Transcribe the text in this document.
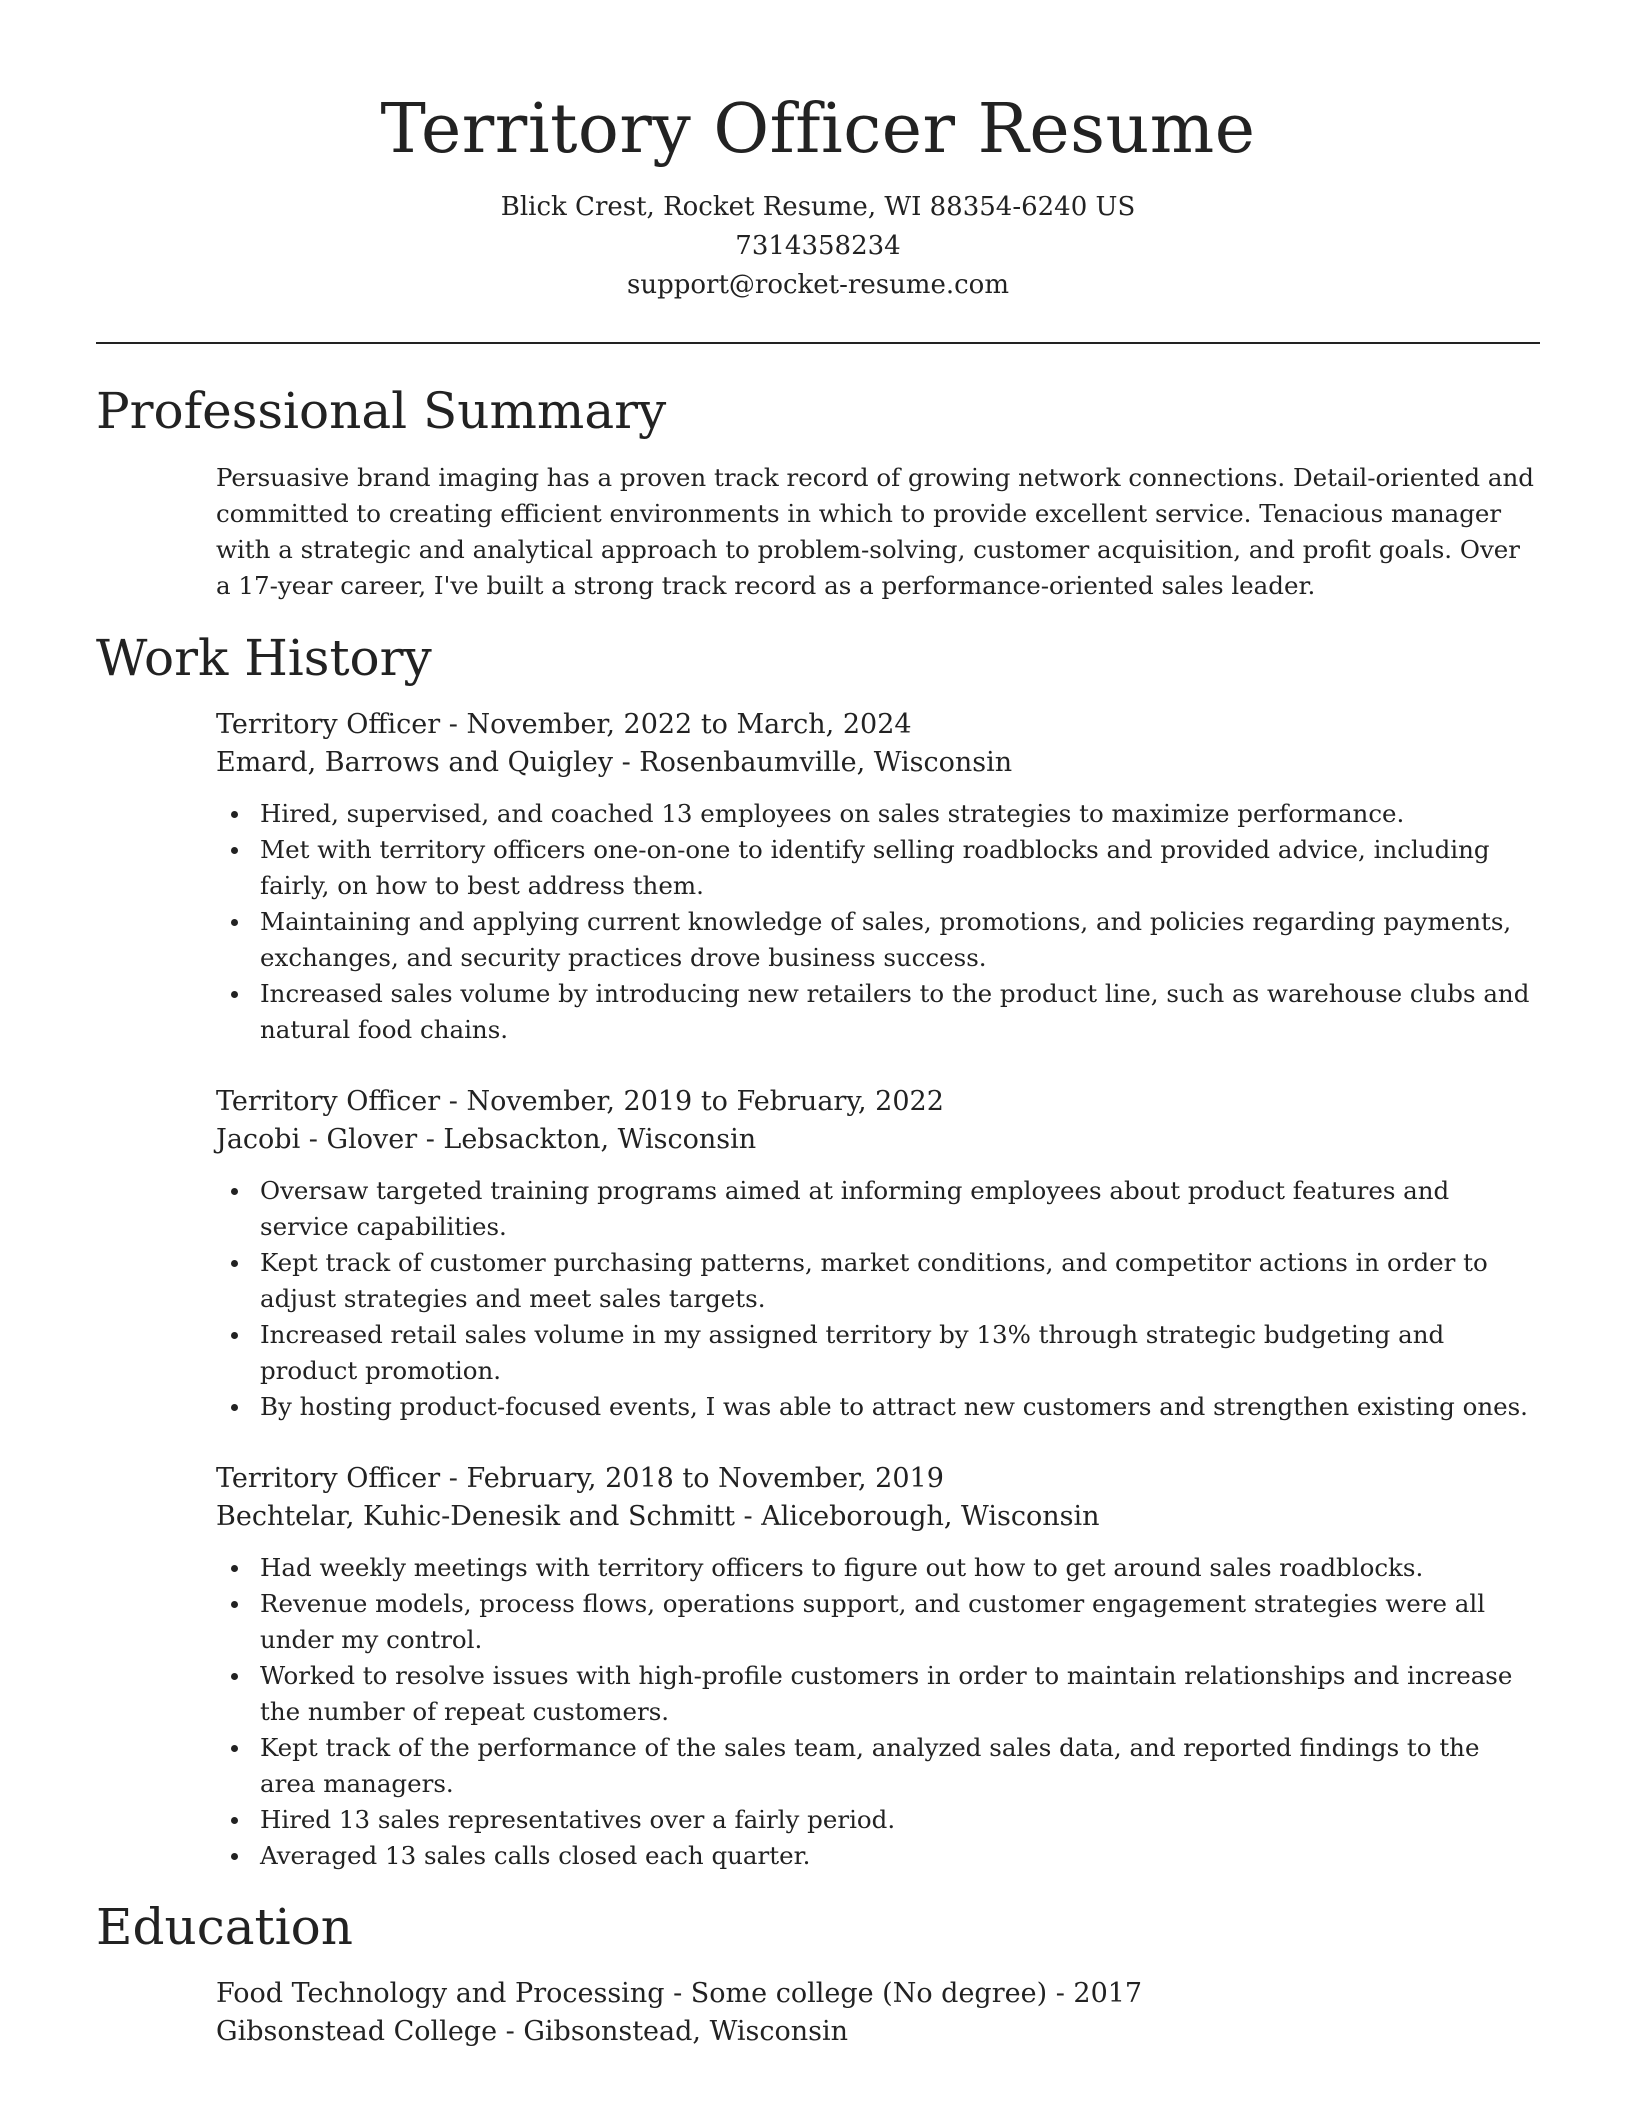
Territory Officer Resume
Blick Crest, Rocket Resume, WI 88354-6240 US
7314358234
support@rocket-resume.com
Professional Summary

Persuasive brand imaging has a proven track record of growing network connections. Detail-oriented and committed to creating efficient environments in which to provide excellent service. Tenacious manager with a strategic and analytical approach to problem-solving, customer acquisition, and profit goals. Over a 17-year career, I've built a strong track record as a performance-oriented sales leader.

Work History

Territory Officer - November, 2022 to March, 2024

Emard, Barrows and Quigley - Rosenbaumville, Wisconsin

Hired, supervised, and coached 13 employees on sales strategies to maximize performance.
Met with territory officers one-on-one to identify selling roadblocks and provided advice, including fairly, on how to best address them.
Maintaining and applying current knowledge of sales, promotions, and policies regarding payments, exchanges, and security practices drove business success.
Increased sales volume by introducing new retailers to the product line, such as warehouse clubs and natural food chains.

Territory Officer - November, 2019 to February, 2022

Jacobi - Glover - Lebsackton, Wisconsin

Oversaw targeted training programs aimed at informing employees about product features and service capabilities.
Kept track of customer purchasing patterns, market conditions, and competitor actions in order to adjust strategies and meet sales targets.
Increased retail sales volume in my assigned territory by 13% through strategic budgeting and product promotion.
By hosting product-focused events, I was able to attract new customers and strengthen existing ones.

Territory Officer - February, 2018 to November, 2019

Bechtelar, Kuhic-Denesik and Schmitt - Aliceborough, Wisconsin

Had weekly meetings with territory officers to figure out how to get around sales roadblocks.
Revenue models, process flows, operations support, and customer engagement strategies were all under my control.
Worked to resolve issues with high-profile customers in order to maintain relationships and increase the number of repeat customers.
Kept track of the performance of the sales team, analyzed sales data, and reported findings to the area managers.
Hired 13 sales representatives over a fairly period.
Averaged 13 sales calls closed each quarter.
Education

Food Technology and Processing - Some college (No degree) - 2017

Gibsonstead College - Gibsonstead, Wisconsin
